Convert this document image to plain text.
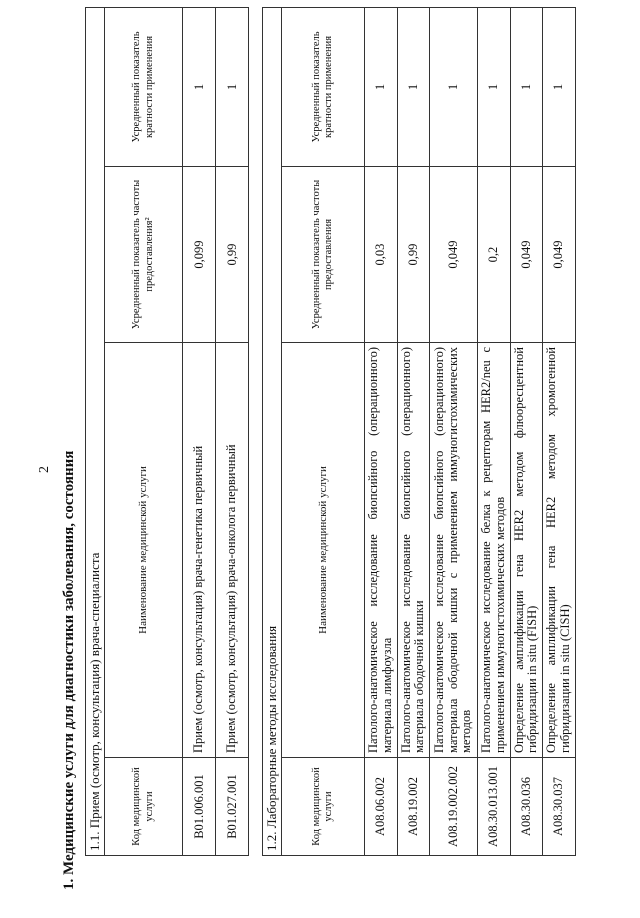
2 1. Медицинские услуги для диагностики заболевания, состояния 1.1. Прием (осмотр, консультация) врача-специалиста			
Код медицинской услуги	Наименование медицинской услуги	Усредненный показатель частоты предоставления²	Усредненный показатель кратности применения
B01.006.001	Прием (осмотр, консультация) врача-генетика первичный	0,099	1
B01.027.001	Прием (осмотр, консультация) врача-онколога первичный	0,99	1
1.2. Лабораторные методы исследования			
Код медицинской услуги	Наименование медицинской услуги	Усредненный показатель частоты предоставления	Усредненный показатель кратности применения
A08.06.002	Патолого-анатомическое исследование биопсийного (операционного) материала лимфоузла	0,03	1
A08.19.002	Патолого-анатомическое исследование биопсийного (операционного) материала ободочной кишки	0,99	1
A08.19.002.002	Патолого-анатомическое исследование биопсийного (операционного) материала ободочной кишки с применением иммуногистохимических методов	0,049	1
A08.30.013.001	Патолого-анатомическое исследование белка к рецепторам HER2/neu с применением иммуногистохимических методов	0,2	1
A08.30.036	Определение амплификации гена HER2 методом флюоресцентной гибридизации in situ (FISH)	0,049	1
A08.30.037	Определение амплификации гена HER2 методом хромогенной гибридизации in situ (CISH)	0,049	1
